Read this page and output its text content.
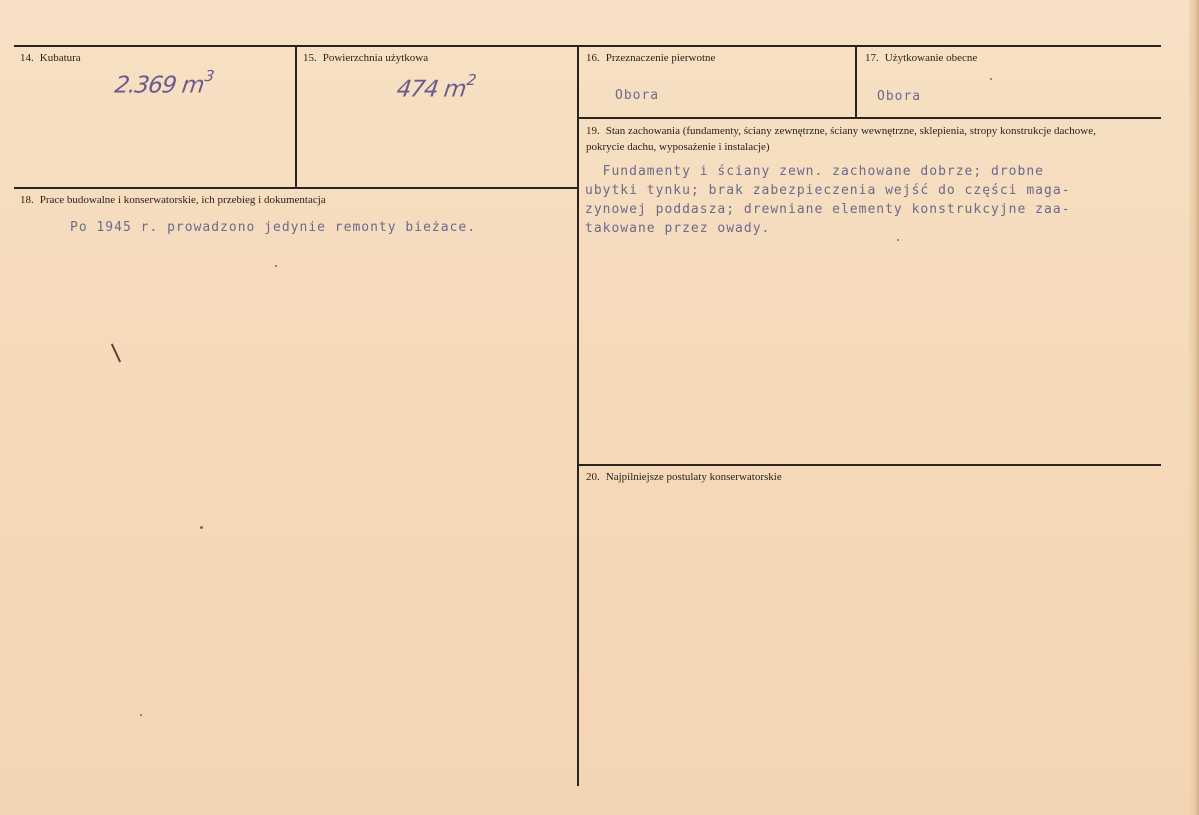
14. Kubatura
2.369 $m^3$
15. Powierzchnia użytkowa
474 $m^2$
16. Przeznaczenie pierwotne
Obora
17. Użytkowanie obecne
Obora
18. Prace budowalne i konserwatorskie, ich przebieg i dokumentacja
Po 1945 r. prowadzono jedynie remonty bieżace.
19. Stan zachowania (fundamenty, ściany zewnętrzne, ściany wewnętrzne, sklepienia, stropy konstrukcje dachowe, pokrycie dachu, wyposażenie i instalacje)
Fundamenty i ściany zewn. zachowane dobrze; drobne
ubytki tynku; brak zabezpieczenia wejść do części maga-
zynowej poddasza; drewniane elementy konstrukcyjne zaa-
takowane przez owady.
20. Najpilniejsze postulaty konserwatorskie
